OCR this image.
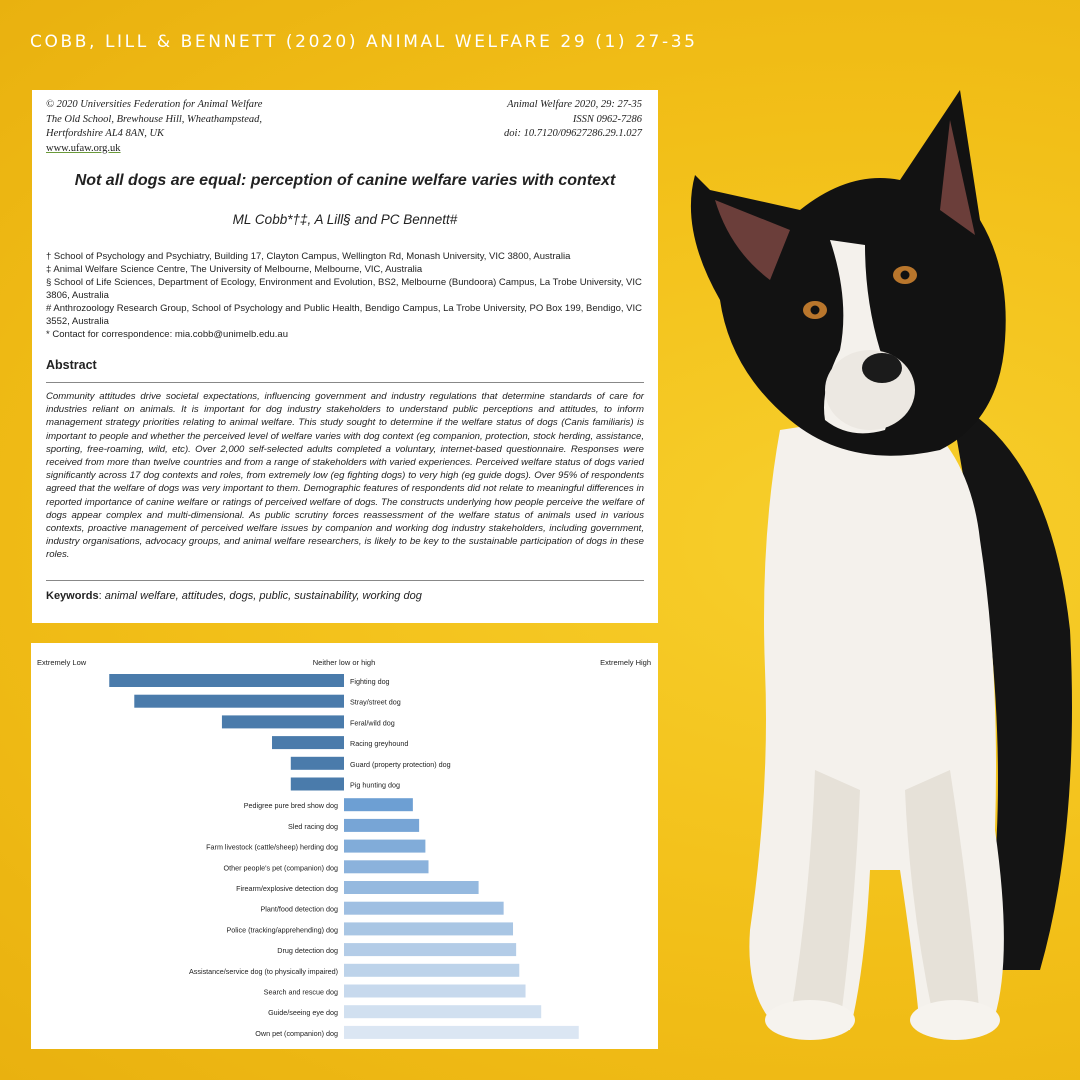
COBB, LILL & BENNETT (2020) ANIMAL WELFARE 29 (1) 27-35
© 2020 Universities Federation for Animal Welfare
The Old School, Brewhouse Hill, Wheathampstead,
Hertfordshire AL4 8AN, UK
www.ufaw.org.uk
Animal Welfare 2020, 29: 27-35
ISSN 0962-7286
doi: 10.7120/09627286.29.1.027
Not all dogs are equal: perception of canine welfare varies with context
ML Cobb*†‡, A Lill§ and PC Bennett#

† School of Psychology and Psychiatry, Building 17, Clayton Campus, Wellington Rd, Monash University, VIC 3800, Australia

‡ Animal Welfare Science Centre, The University of Melbourne, Melbourne, VIC, Australia

§ School of Life Sciences, Department of Ecology, Environment and Evolution, BS2, Melbourne (Bundoora) Campus, La Trobe University, VIC 3806, Australia

# Anthrozoology Research Group, School of Psychology and Public Health, Bendigo Campus, La Trobe University, PO Box 199, Bendigo, VIC 3552, Australia

* Contact for correspondence: mia.cobb@unimelb.edu.au

Abstract
Community attitudes drive societal expectations, influencing government and industry regulations that determine standards of care for industries reliant on animals. It is important for dog industry stakeholders to understand public perceptions and attitudes, to inform management strategy priorities relating to animal welfare. This study sought to determine if the welfare status of dogs (Canis familiaris) is important to people and whether the perceived level of welfare varies with dog context (eg companion, protection, stock herding, assistance, sporting, free-roaming, wild, etc). Over 2,000 self-selected adults completed a voluntary, internet-based questionnaire. Responses were received from more than twelve countries and from a range of stakeholders with varied experiences. Perceived welfare status of dogs varied significantly across 17 dog contexts and roles, from extremely low (eg fighting dogs) to very high (eg guide dogs). Over 95% of respondents agreed that the welfare of dogs was very important to them. Demographic features of respondents did not relate to meaningful differences in reported importance of canine welfare or ratings of perceived welfare of dogs. The constructs underlying how people perceive the welfare of dogs appear complex and multi-dimensional. As public scrutiny forces reassessment of the welfare status of animals used in various contexts, proactive management of perceived welfare issues by companion and working dog industry stakeholders, including government, industry organisations, advocacy groups, and animal welfare researchers, is likely to be key to the sustainable participation of dogs in these roles.
Keywords: animal welfare, attitudes, dogs, public, sustainability, working dog
Extremely Low	Neither low or high	Extremely High
Fighting dog
Stray/street dog
Feral/wild dog
Racing greyhound
Guard (property protection) dog
Pig hunting dog
Pedigree pure bred show dog
Sled racing dog
Farm livestock (cattle/sheep) herding dog
Other people's pet (companion) dog
Firearm/explosive detection dog
Plant/food detection dog
Police (tracking/apprehending) dog
Drug detection dog
Assistance/service dog (to physically impaired)
Search and rescue dog
Guide/seeing eye dog
Own pet (companion) dog
